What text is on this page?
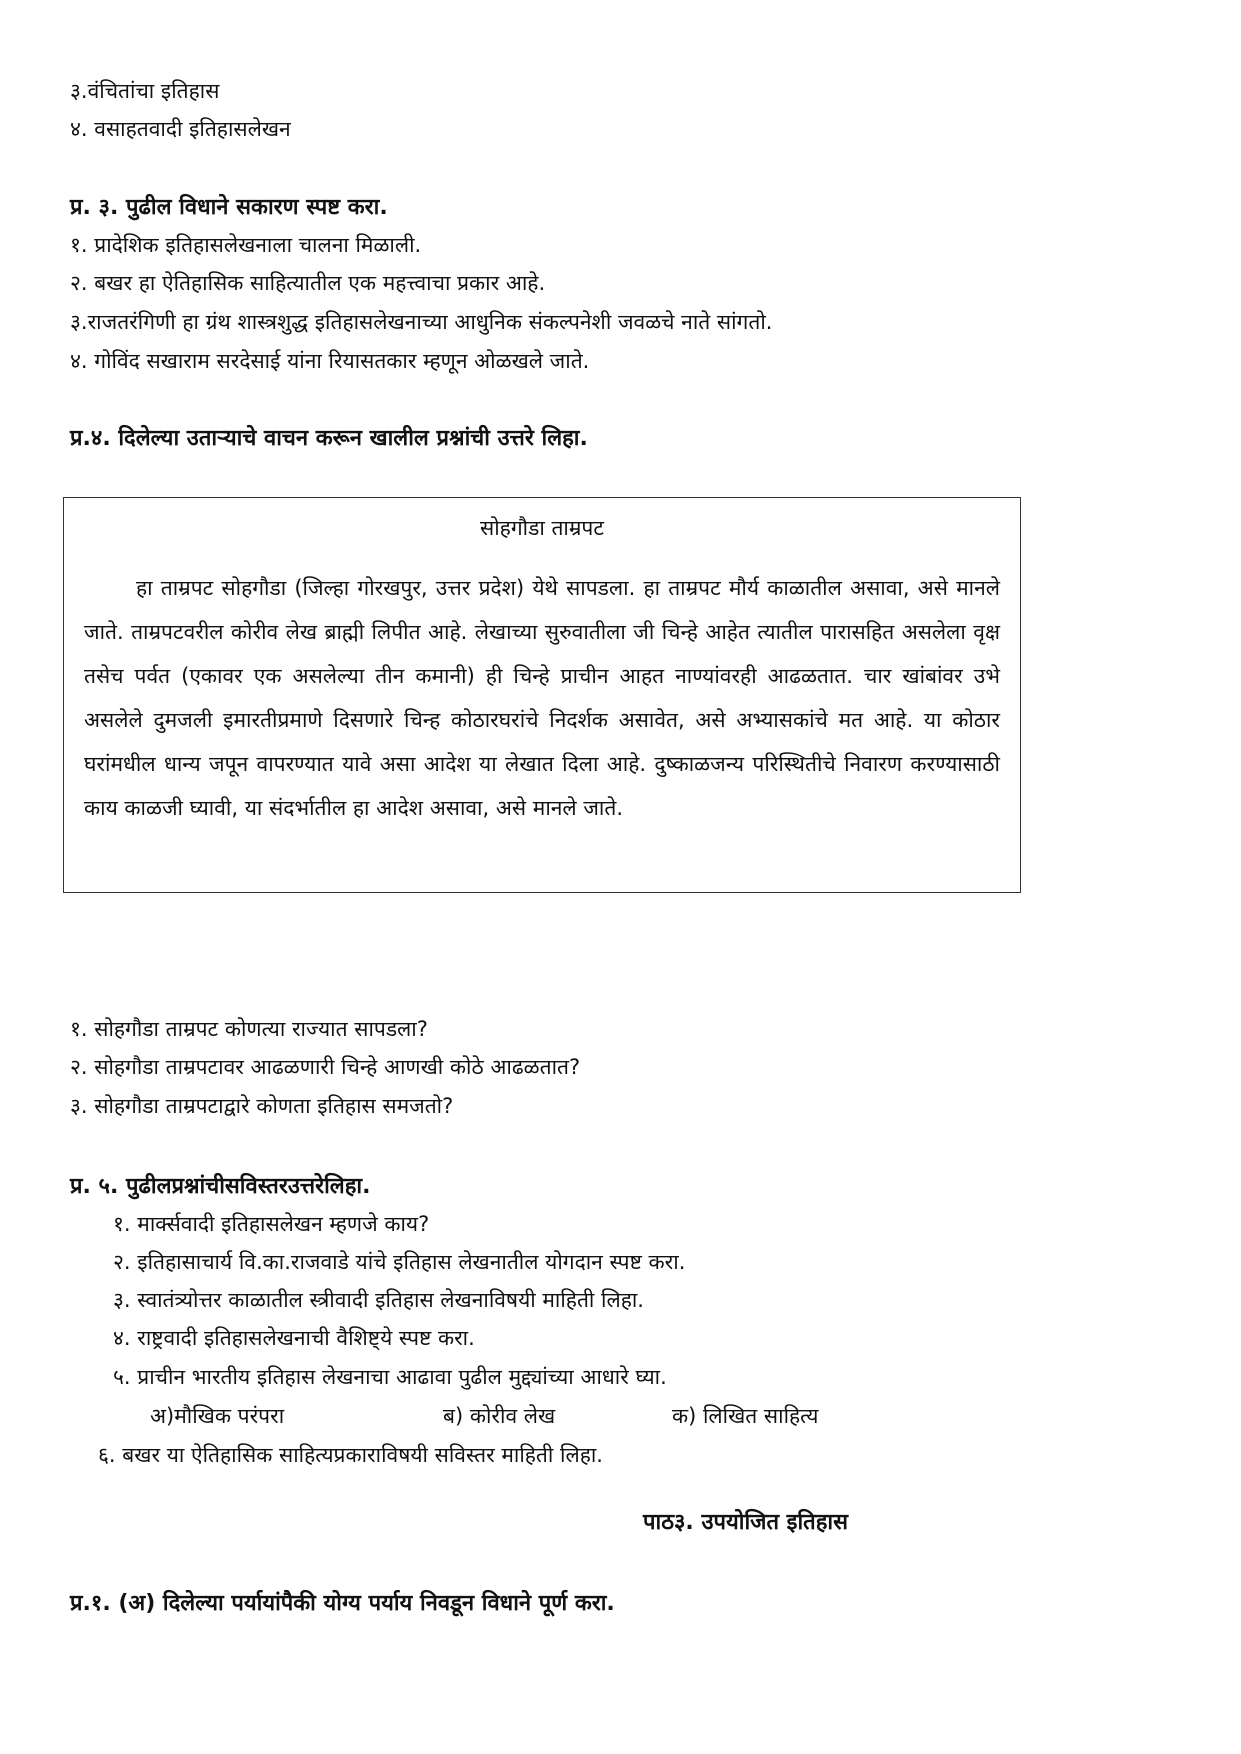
३.वंचितांचा इतिहास
४. वसाहतवादी इतिहासलेखन
प्र. ३. पुढील विधाने सकारण स्पष्ट करा.
१. प्रादेशिक इतिहासलेखनाला चालना मिळाली.
२. बखर हा ऐतिहासिक साहित्यातील एक महत्त्वाचा प्रकार आहे.
३.राजतरंगिणी हा ग्रंथ शास्त्रशुद्ध इतिहासलेखनाच्या आधुनिक संकल्पनेशी जवळचे नाते सांगतो.
४. गोविंद सखाराम सरदेसाई यांना रियासतकार म्हणून ओळखले जाते.
प्र.४. दिलेल्या उताऱ्याचे वाचन करून खालील प्रश्नांची उत्तरे लिहा.
सोहगौडा ताम्रपट
हा ताम्रपट सोहगौडा (जिल्हा गोरखपुर, उत्तर प्रदेश) येथे सापडला. हा ताम्रपट मौर्य काळातील असावा, असे मानले जाते. ताम्रपटवरील कोरीव लेख ब्राह्मी लिपीत आहे. लेखाच्या सुरुवातीला जी चिन्हे आहेत त्यातील पारासहित असलेला वृक्ष तसेच पर्वत (एकावर एक असलेल्या तीन कमानी) ही चिन्हे प्राचीन आहत नाण्यांवरही आढळतात. चार खांबांवर उभे असलेले दुमजली इमारतीप्रमाणे दिसणारे चिन्ह कोठारघरांचे निदर्शक असावेत, असे अभ्यासकांचे मत आहे. या कोठार घरांमधील धान्य जपून वापरण्यात यावे असा आदेश या लेखात दिला आहे. दुष्काळजन्य परिस्थितीचे निवारण करण्यासाठी काय काळजी घ्यावी, या संदर्भातील हा आदेश असावा, असे मानले जाते.
१. सोहगौडा ताम्रपट कोणत्या राज्यात सापडला?
२. सोहगौडा ताम्रपटावर आढळणारी चिन्हे आणखी कोठे आढळतात?
३. सोहगौडा ताम्रपटाद्वारे कोणता इतिहास समजतो?
प्र. ५. पुढीलप्रश्नांचीसविस्तरउत्तरेलिहा.
१. मार्क्सवादी इतिहासलेखन म्हणजे काय?
२. इतिहासाचार्य वि.का.राजवाडे यांचे इतिहास लेखनातील योगदान स्पष्ट करा.
३. स्वातंत्र्योत्तर काळातील स्त्रीवादी इतिहास लेखनाविषयी माहिती लिहा.
४. राष्ट्रवादी इतिहासलेखनाची वैशिष्ट्ये स्पष्ट करा.
५. प्राचीन भारतीय इतिहास लेखनाचा आढावा पुढील मुद्द्यांच्या आधारे घ्या.
अ)मौखिक परंपरा	ब) कोरीव लेख	क) लिखित साहित्य
६. बखर या ऐतिहासिक साहित्यप्रकाराविषयी सविस्तर माहिती लिहा.
पाठ३. उपयोजित इतिहास
प्र.१. (अ) दिलेल्या पर्यायांपैकी योग्य पर्याय निवडून विधाने पूर्ण करा.
